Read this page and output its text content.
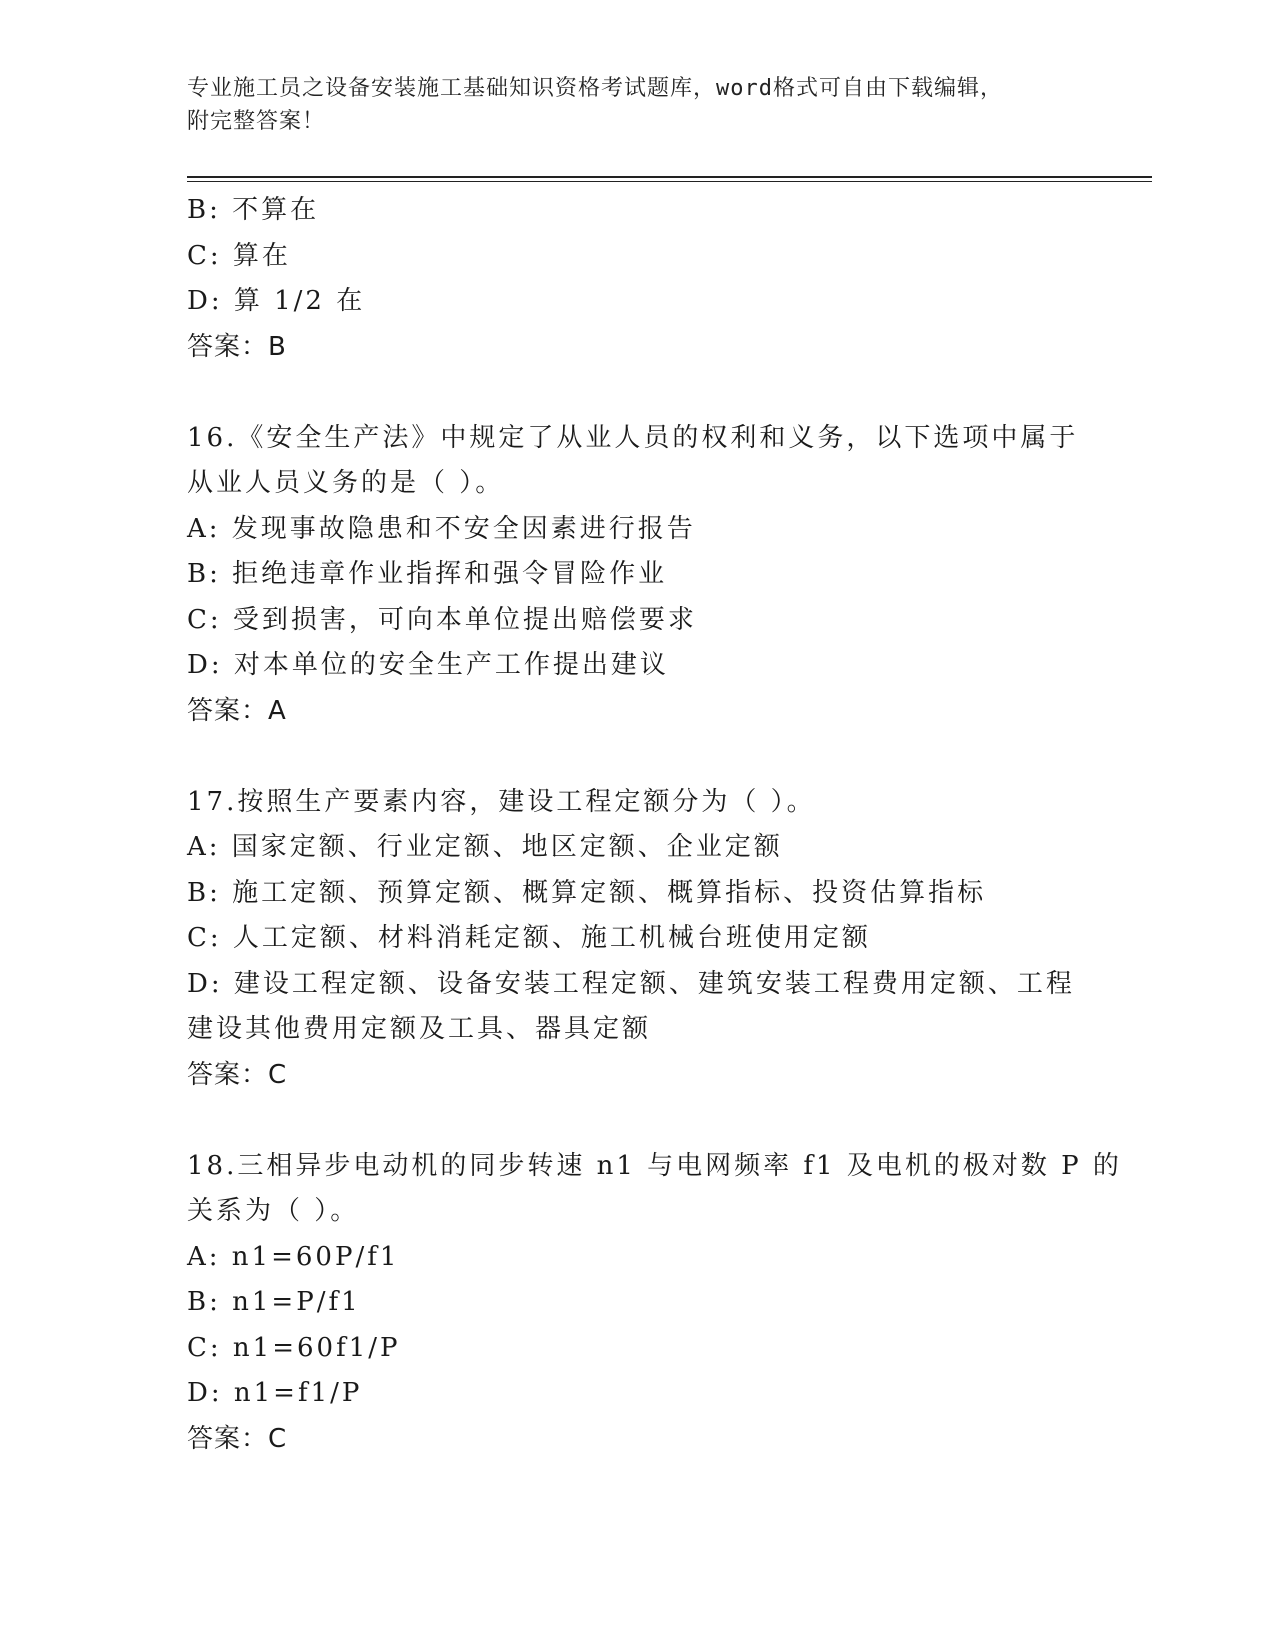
专业施工员之设备安装施工基础知识资格考试题库，word格式可自由下载编辑，
附完整答案！
B: 不算在
C: 算在
D: 算 1/2 在
答案：B
16.《安全生产法》中规定了从业人员的权利和义务，以下选项中属于
从业人员义务的是（ ）。
A: 发现事故隐患和不安全因素进行报告
B: 拒绝违章作业指挥和强令冒险作业
C: 受到损害，可向本单位提出赔偿要求
D: 对本单位的安全生产工作提出建议
答案：A
17.按照生产要素内容，建设工程定额分为（ ）。
A: 国家定额、行业定额、地区定额、企业定额
B: 施工定额、预算定额、概算定额、概算指标、投资估算指标
C: 人工定额、材料消耗定额、施工机械台班使用定额
D: 建设工程定额、设备安装工程定额、建筑安装工程费用定额、工程
建设其他费用定额及工具、器具定额
答案：C
18.三相异步电动机的同步转速 n1 与电网频率 f1 及电机的极对数 P 的
关系为（ ）。
A: n1=60P/f1
B: n1=P/f1
C: n1=60f1/P
D: n1=f1/P
答案：C
